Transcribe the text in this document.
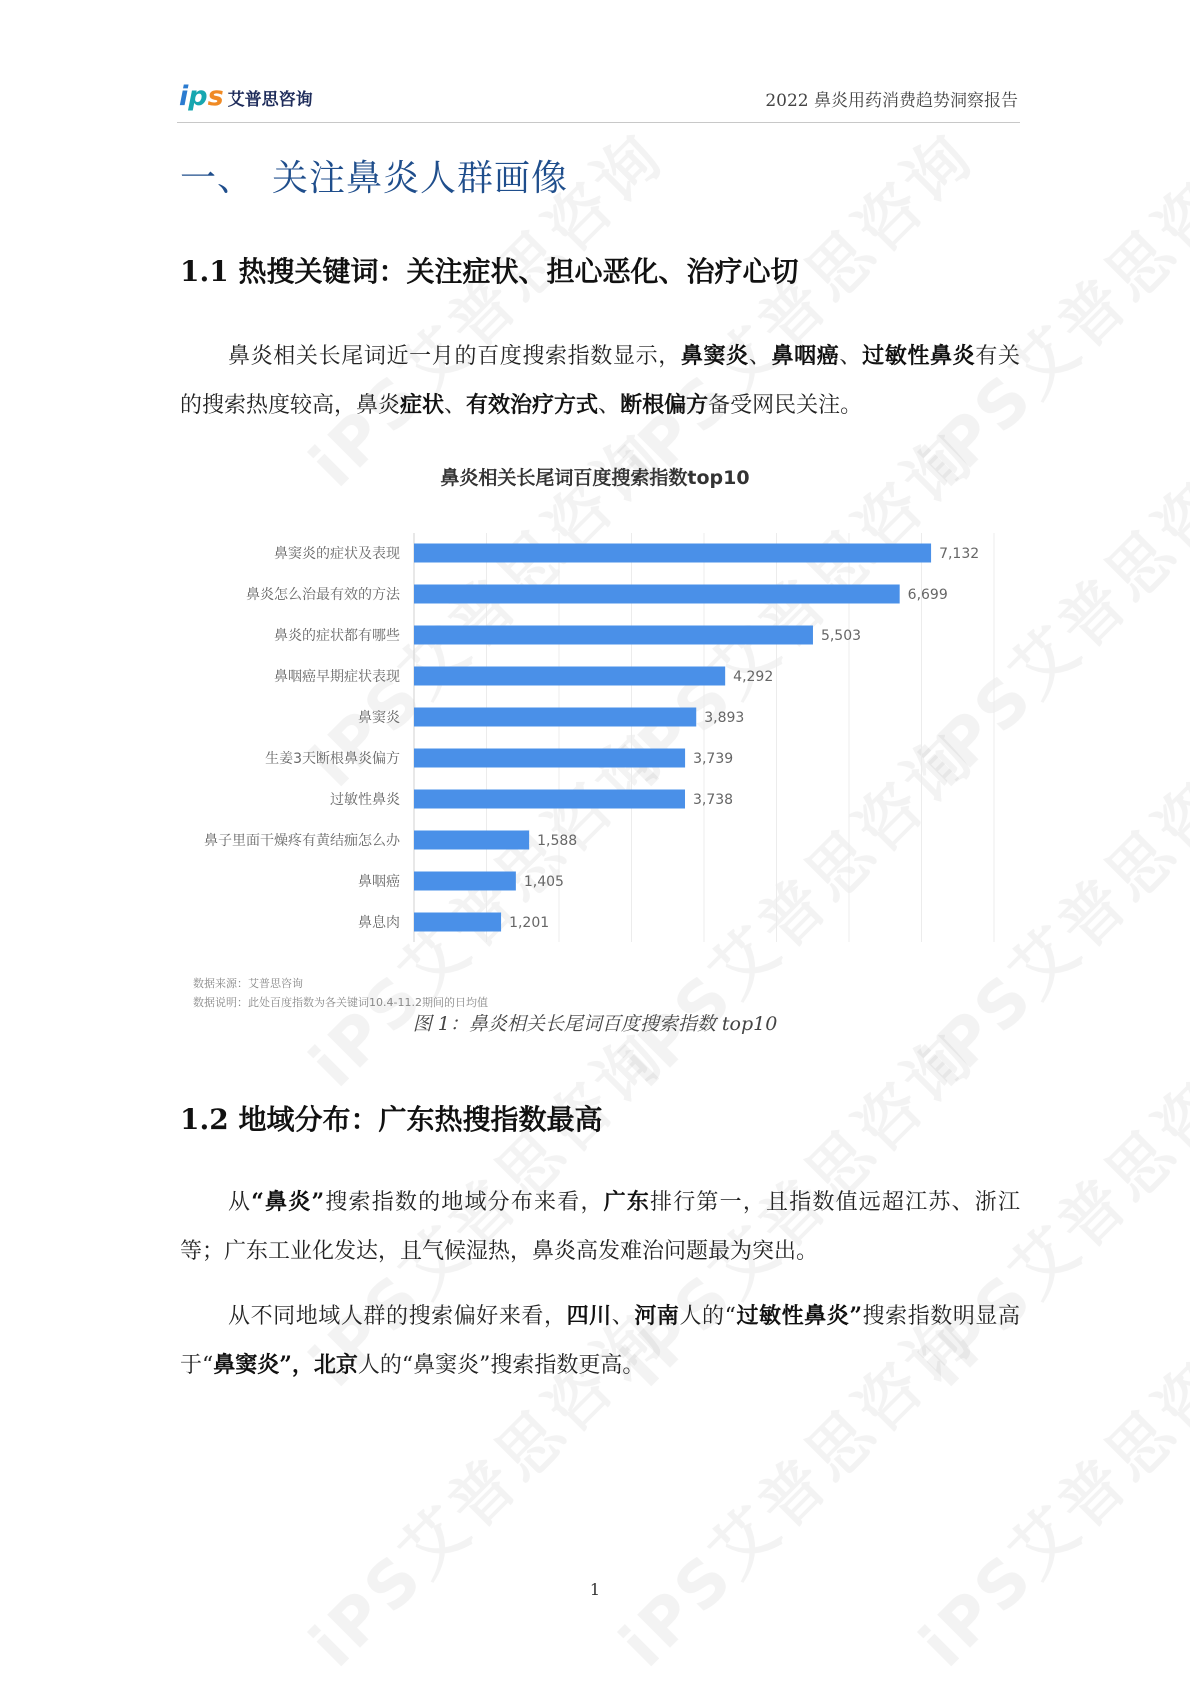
i p s 艾普思咨询	2022 鼻炎用药消费趋势洞察报告
一、 关注鼻炎人群画像
1.1 热搜关键词：关注症状、担心恶化、治疗心切
鼻炎相关长尾词近一月的百度搜索指数显示，鼻窦炎、鼻咽癌、过敏性鼻炎有关的搜索热度较高，鼻炎症状、有效治疗方式、断根偏方备受网民关注。
鼻炎相关长尾词百度搜索指数top10
鼻窦炎的症状及表现	7,132
鼻炎怎么治最有效的方法	6,699
鼻炎的症状都有哪些	5,503
鼻咽癌早期症状表现	4,292
鼻窦炎	3,893
生姜3天断根鼻炎偏方	3,739
过敏性鼻炎	3,738
鼻子里面干燥疼有黄结痂怎么办	1,588
鼻咽癌	1,405
鼻息肉	1,201
数据来源：艾普思咨询
数据说明：此处百度指数为各关键词10.4-11.2期间的日均值
图 1：鼻炎相关长尾词百度搜索指数 top10
1.2 地域分布：广东热搜指数最高
从“鼻炎”搜索指数的地域分布来看，广东排行第一，且指数值远超江苏、浙江等；广东工业化发达，且气候湿热，鼻炎高发难治问题最为突出。
从不同地域人群的搜索偏好来看，四川、河南人的“过敏性鼻炎”搜索指数明显高于“鼻窦炎”，北京人的“鼻窦炎”搜索指数更高。
1
